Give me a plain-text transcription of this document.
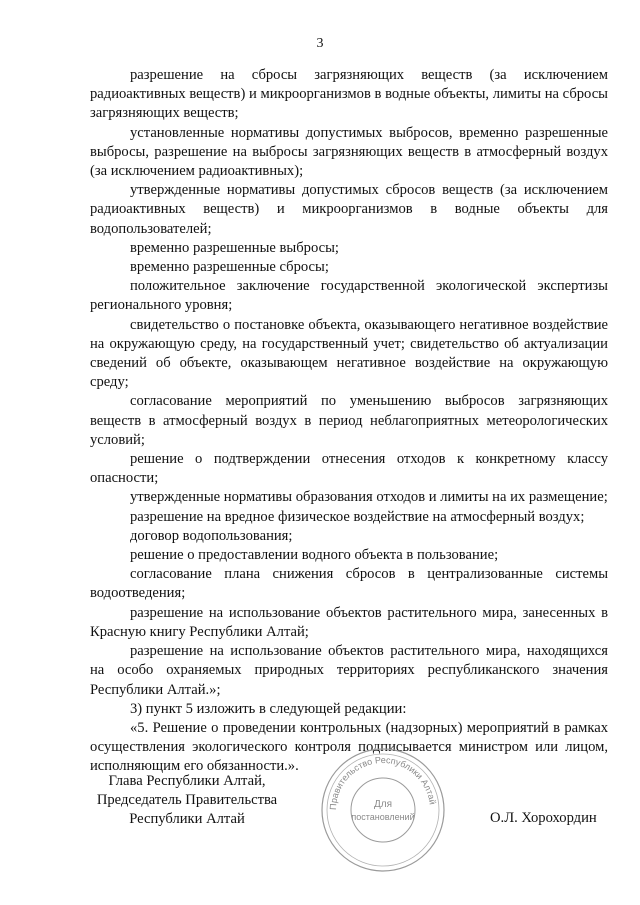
3

разрешение на сбросы загрязняющих веществ (за исключением радиоактивных веществ) и микроорганизмов в водные объекты, лимиты на сбросы загрязняющих веществ;

установленные нормативы допустимых выбросов, временно разрешенные выбросы, разрешение на выбросы загрязняющих веществ в атмосферный воздух (за исключением радиоактивных);

утвержденные нормативы допустимых сбросов веществ (за исключением радиоактивных веществ) и микроорганизмов в водные объекты для водопользователей;

временно разрешенные выбросы;

временно разрешенные сбросы;

положительное заключение государственной экологической экспертизы регионального уровня;

свидетельство о постановке объекта, оказывающего негативное воздействие на окружающую среду, на государственный учет; свидетельство об актуализации сведений об объекте, оказывающем негативное воздействие на окружающую среду;

согласование мероприятий по уменьшению выбросов загрязняющих веществ в атмосферный воздух в период неблагоприятных метеорологических условий;

решение о подтверждении отнесения отходов к конкретному классу опасности;

утвержденные нормативы образования отходов и лимиты на их размещение;

разрешение на вредное физическое воздействие на атмосферный воздух;

договор водопользования;

решение о предоставлении водного объекта в пользование;

согласование плана снижения сбросов в централизованные системы водоотведения;

разрешение на использование объектов растительного мира, занесенных в Красную книгу Республики Алтай;

разрешение на использование объектов растительного мира, находящихся на особо охраняемых природных территориях республиканского значения Республики Алтай.»;

3) пункт 5 изложить в следующей редакции:

«5. Решение о проведении контрольных (надзорных) мероприятий в рамках осуществления экологического контроля подписывается министром или лицом, исполняющим его обязанности.».

Глава Республики Алтай,
Председатель Правительства
Республики Алтай	О.Л. Хорохордин
Правительство Республики Алтай
Для
постановлений
